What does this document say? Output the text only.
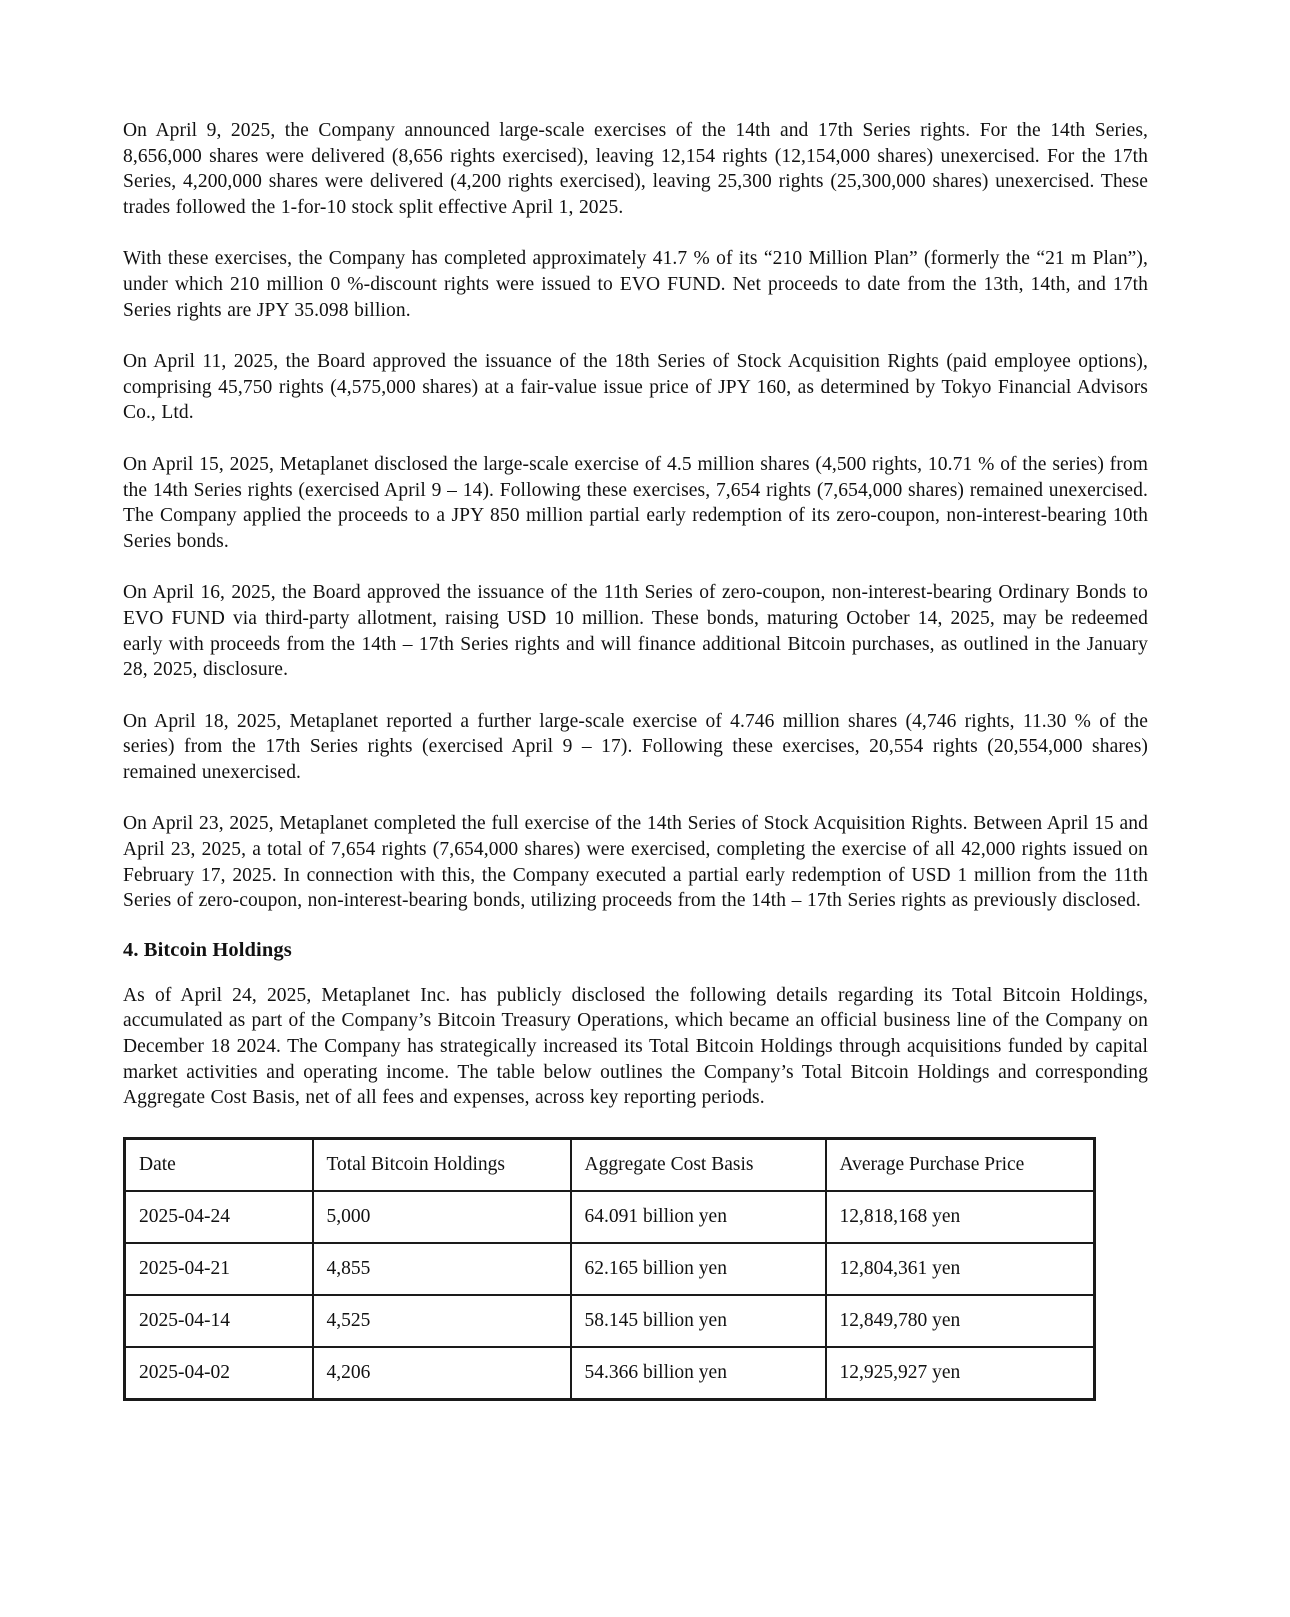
On April 9, 2025, the Company announced large-scale exercises of the 14th and 17th Series rights. For the 14th Series, 8,656,000 shares were delivered (8,656 rights exercised), leaving 12,154 rights (12,154,000 shares) unexercised. For the 17th Series, 4,200,000 shares were delivered (4,200 rights exercised), leaving 25,300 rights (25,300,000 shares) unexercised. These trades followed the 1-for-10 stock split effective April 1, 2025.

With these exercises, the Company has completed approximately 41.7 % of its “210 Million Plan” (formerly the “21 m Plan”), under which 210 million 0 %-discount rights were issued to EVO FUND. Net proceeds to date from the 13th, 14th, and 17th Series rights are JPY 35.098 billion.

On April 11, 2025, the Board approved the issuance of the 18th Series of Stock Acquisition Rights (paid employee options), comprising 45,750 rights (4,575,000 shares) at a fair-value issue price of JPY 160, as determined by Tokyo Financial Advisors Co., Ltd.

On April 15, 2025, Metaplanet disclosed the large-scale exercise of 4.5 million shares (4,500 rights, 10.71 % of the series) from the 14th Series rights (exercised April 9 – 14). Following these exercises, 7,654 rights (7,654,000 shares) remained unexercised. The Company applied the proceeds to a JPY 850 million partial early redemption of its zero-coupon, non-interest-bearing 10th Series bonds.

On April 16, 2025, the Board approved the issuance of the 11th Series of zero-coupon, non-interest-bearing Ordinary Bonds to EVO FUND via third-party allotment, raising USD 10 million. These bonds, maturing October 14, 2025, may be redeemed early with proceeds from the 14th – 17th Series rights and will finance additional Bitcoin purchases, as outlined in the January 28, 2025, disclosure.

On April 18, 2025, Metaplanet reported a further large-scale exercise of 4.746 million shares (4,746 rights, 11.30 % of the series) from the 17th Series rights (exercised April 9 – 17). Following these exercises, 20,554 rights (20,554,000 shares) remained unexercised.

On April 23, 2025, Metaplanet completed the full exercise of the 14th Series of Stock Acquisition Rights. Between April 15 and April 23, 2025, a total of 7,654 rights (7,654,000 shares) were exercised, completing the exercise of all 42,000 rights issued on February 17, 2025. In connection with this, the Company executed a partial early redemption of USD 1 million from the 11th Series of zero-coupon, non-interest-bearing bonds, utilizing proceeds from the 14th – 17th Series rights as previously disclosed.

4. Bitcoin Holdings

As of April 24, 2025, Metaplanet Inc. has publicly disclosed the following details regarding its Total Bitcoin Holdings, accumulated as part of the Company’s Bitcoin Treasury Operations, which became an official business line of the Company on December 18 2024. The Company has strategically increased its Total Bitcoin Holdings through acquisitions funded by capital market activities and operating income. The table below outlines the Company’s Total Bitcoin Holdings and corresponding Aggregate Cost Basis, net of all fees and expenses, across key reporting periods.

Date	Total Bitcoin Holdings	Aggregate Cost Basis	Average Purchase Price
2025-04-24	5,000	64.091 billion yen	12,818,168 yen
2025-04-21	4,855	62.165 billion yen	12,804,361 yen
2025-04-14	4,525	58.145 billion yen	12,849,780 yen
2025-04-02	4,206	54.366 billion yen	12,925,927 yen
